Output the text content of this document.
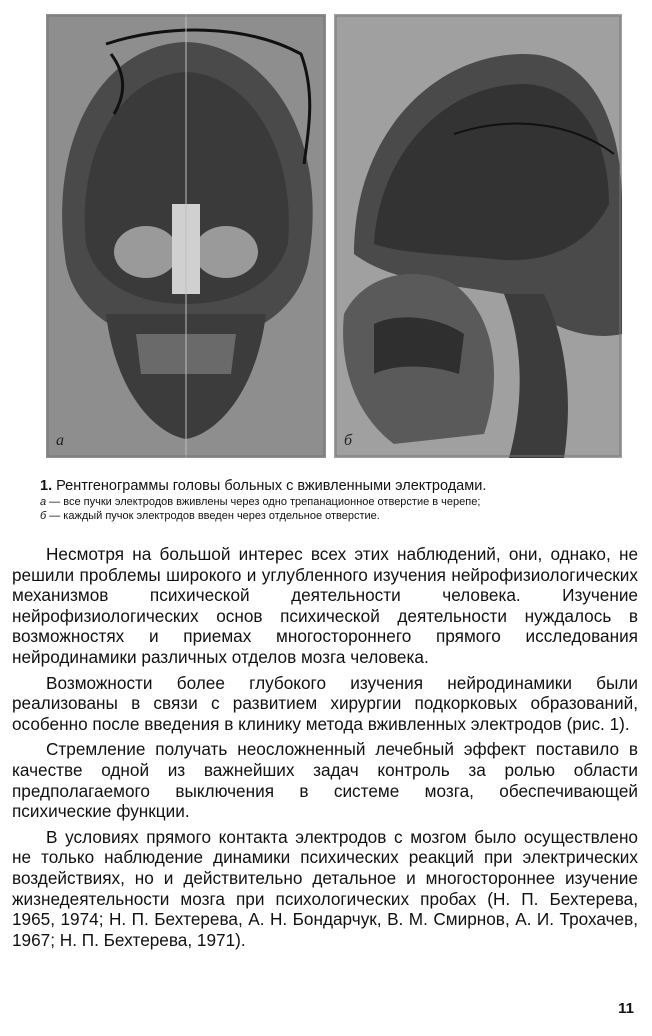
а	б
1. Рентгенограммы головы больных с вживленными электродами.
а — все пучки электродов вживлены через одно трепанационное отверстие в черепе;
б — каждый пучок электродов введен через отдельное отверстие.

Несмотря на большой интерес всех этих наблюдений, они, однако, не решили проблемы широкого и углубленного изучения нейрофизиологических механизмов психической деятельности человека. Изучение нейрофизиологических основ психической деятельности нуждалось в возможностях и приемах многостороннего прямого исследования нейродинамики различных отделов мозга человека.

Возможности более глубокого изучения нейродинамики были реализованы в связи с развитием хирургии подкорковых образований, особенно после введения в клинику метода вживленных электродов (рис. 1).

Стремление получать неосложненный лечебный эффект поставило в качестве одной из важнейших задач контроль за ролью области предполагаемого выключения в системе мозга, обеспечивающей психические функции.

В условиях прямого контакта электродов с мозгом было осуществлено не только наблюдение динамики психических реакций при электрических воздействиях, но и действительно детальное и многостороннее изучение жизнедеятельности мозга при психологических пробах (Н. П. Бехтерева, 1965, 1974; Н. П. Бехтерева, А. Н. Бондарчук, В. М. Смирнов, А. И. Трохачев, 1967; Н. П. Бехтерева, 1971).

11
